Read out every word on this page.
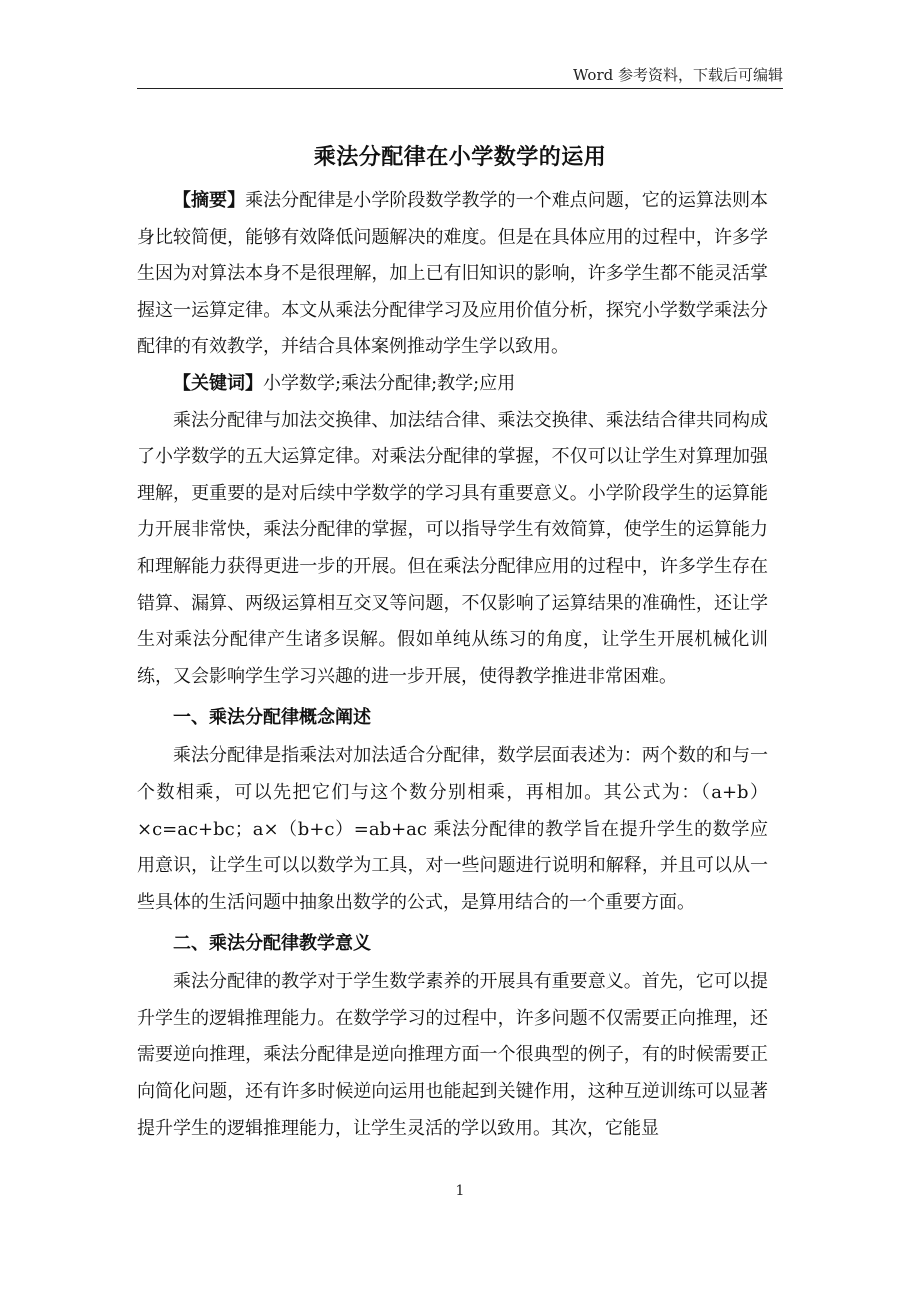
Word 参考资料，下载后可编辑
乘法分配律在小学数学的运用

【摘要】乘法分配律是小学阶段数学教学的一个难点问题，它的运算法则本身比较简便，能够有效降低问题解决的难度。但是在具体应用的过程中，许多学生因为对算法本身不是很理解，加上已有旧知识的影响，许多学生都不能灵活掌握这一运算定律。本文从乘法分配律学习及应用价值分析，探究小学数学乘法分配律的有效教学，并结合具体案例推动学生学以致用。

【关键词】小学数学;乘法分配律;教学;应用

乘法分配律与加法交换律、加法结合律、乘法交换律、乘法结合律共同构成了小学数学的五大运算定律。对乘法分配律的掌握，不仅可以让学生对算理加强理解，更重要的是对后续中学数学的学习具有重要意义。小学阶段学生的运算能力开展非常快，乘法分配律的掌握，可以指导学生有效简算，使学生的运算能力和理解能力获得更进一步的开展。但在乘法分配律应用的过程中，许多学生存在错算、漏算、两级运算相互交叉等问题，不仅影响了运算结果的准确性，还让学生对乘法分配律产生诸多误解。假如单纯从练习的角度，让学生开展机械化训练，又会影响学生学习兴趣的进一步开展，使得教学推进非常困难。

一、乘法分配律概念阐述

乘法分配律是指乘法对加法适合分配律，数学层面表述为：两个数的和与一个数相乘，可以先把它们与这个数分别相乘，再相加。其公式为：（a+b）×c=ac+bc；a×（b+c）=ab+ac 乘法分配律的教学旨在提升学生的数学应用意识，让学生可以以数学为工具，对一些问题进行说明和解释，并且可以从一些具体的生活问题中抽象出数学的公式，是算用结合的一个重要方面。

二、乘法分配律教学意义

乘法分配律的教学对于学生数学素养的开展具有重要意义。首先，它可以提升学生的逻辑推理能力。在数学学习的过程中，许多问题不仅需要正向推理，还需要逆向推理，乘法分配律是逆向推理方面一个很典型的例子，有的时候需要正向简化问题，还有许多时候逆向运用也能起到关键作用，这种互逆训练可以显著提升学生的逻辑推理能力，让学生灵活的学以致用。其次，它能显

1
